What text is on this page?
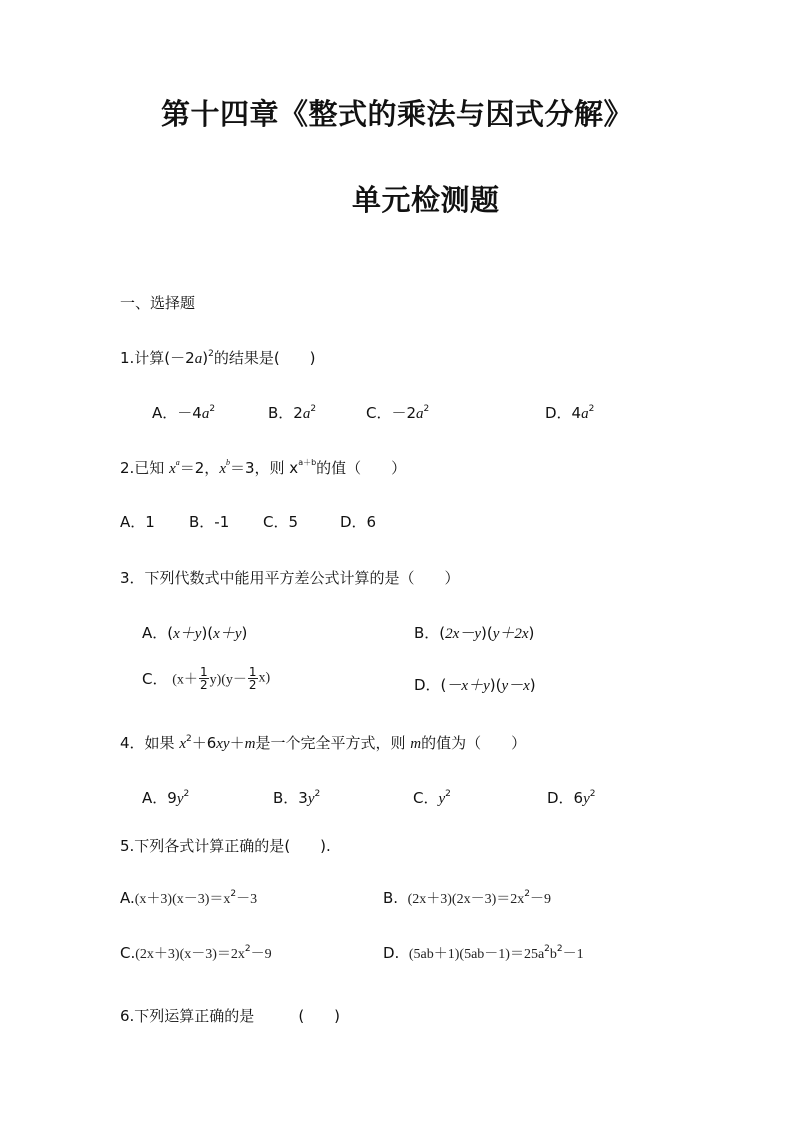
第十四章《整式的乘法与因式分解》
单元检测题
一、选择题
1.计算$(-2a)^2$的结果是(　　)
A．$-4a^2$	B．$2a^2$	C．$-2a^2$	D．$4a^2$
2.已知 $x^a=2$，$x^b=3$，则 $x^{a+b}$的值（　　）
A．1 B．-1 C．5	D．6
3．下列代数式中能用平方差公式计算的是（　　）
A．(x＋y)(x＋y)	B．(2x－y)(y＋2x)
C． $(x+ \frac{1}{2} y)(y- \frac{1}{2} x)$	D．(－x＋y)(y－x)
4．如果 $x^2+6xy+m$是一个完全平方式，则 m的值为（　　）
A．$9y^2$	B．$3y^2$	C．$y^2$	D．$6y^2$
5.下列各式计算正确的是(　　).
$A.(x+3)(x-3)=x^2-3$	B. $(2x+3)(2x-3)=2x^2-9$
$C.(2x+3)(x-3)=2x^2-9$	D. $(5ab+1)(5ab-1)=25a^2b^2-1$
6.下列运算正确的是	(　　)
